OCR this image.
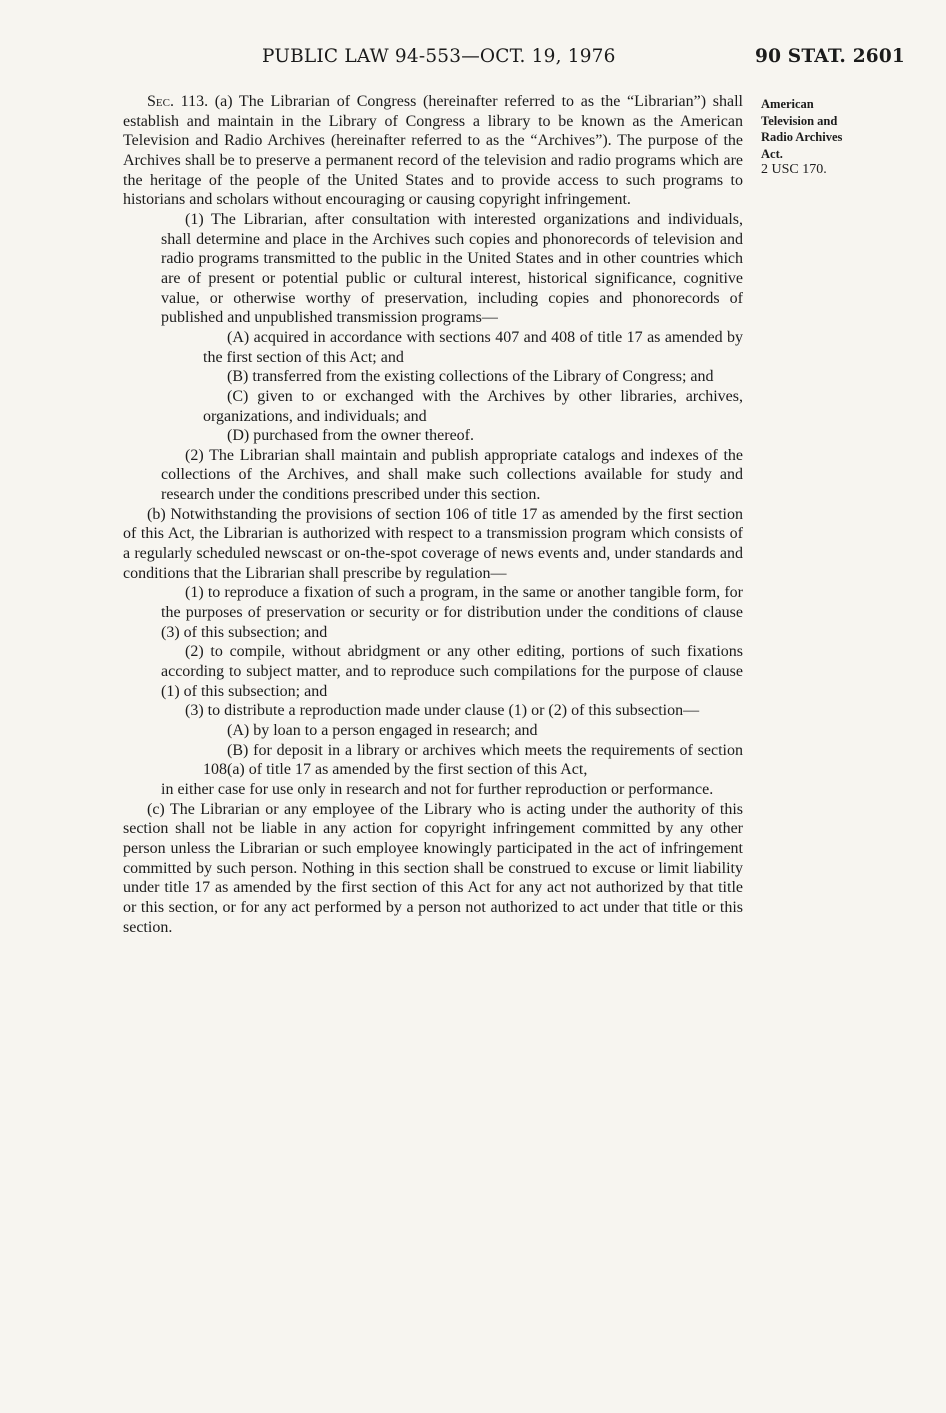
PUBLIC LAW 94-553—OCT. 19, 1976	90 STAT. 2601
American
Television and
Radio Archives
Act.
2 USC 170.

Sec. 113. (a) The Librarian of Congress (hereinafter referred to as the “Librarian”) shall establish and maintain in the Library of Congress a library to be known as the American Television and Radio Archives (hereinafter referred to as the “Archives”). The purpose of the Archives shall be to preserve a permanent record of the television and radio programs which are the heritage of the people of the United States and to provide access to such programs to historians and scholars without encouraging or causing copyright infringement.

(1) The Librarian, after consultation with interested organizations and individuals, shall determine and place in the Archives such copies and phonorecords of television and radio programs transmitted to the public in the United States and in other countries which are of present or potential public or cultural interest, historical significance, cognitive value, or otherwise worthy of preservation, including copies and phonorecords of published and unpublished transmission programs—

(A) acquired in accordance with sections 407 and 408 of title 17 as amended by the first section of this Act; and

(B) transferred from the existing collections of the Library of Congress; and

(C) given to or exchanged with the Archives by other libraries, archives, organizations, and individuals; and

(D) purchased from the owner thereof.

(2) The Librarian shall maintain and publish appropriate catalogs and indexes of the collections of the Archives, and shall make such collections available for study and research under the conditions prescribed under this section.

(b) Notwithstanding the provisions of section 106 of title 17 as amended by the first section of this Act, the Librarian is authorized with respect to a transmission program which consists of a regularly scheduled newscast or on-the-spot coverage of news events and, under standards and conditions that the Librarian shall prescribe by regulation—

(1) to reproduce a fixation of such a program, in the same or another tangible form, for the purposes of preservation or security or for distribution under the conditions of clause (3) of this subsection; and

(2) to compile, without abridgment or any other editing, portions of such fixations according to subject matter, and to reproduce such compilations for the purpose of clause (1) of this subsection; and

(3) to distribute a reproduction made under clause (1) or (2) of this subsection—

(A) by loan to a person engaged in research; and

(B) for deposit in a library or archives which meets the requirements of section 108(a) of title 17 as amended by the first section of this Act,

in either case for use only in research and not for further reproduction or performance.

(c) The Librarian or any employee of the Library who is acting under the authority of this section shall not be liable in any action for copyright infringement committed by any other person unless the Librarian or such employee knowingly participated in the act of infringement committed by such person. Nothing in this section shall be construed to excuse or limit liability under title 17 as amended by the first section of this Act for any act not authorized by that title or this section, or for any act performed by a person not authorized to act under that title or this section.
